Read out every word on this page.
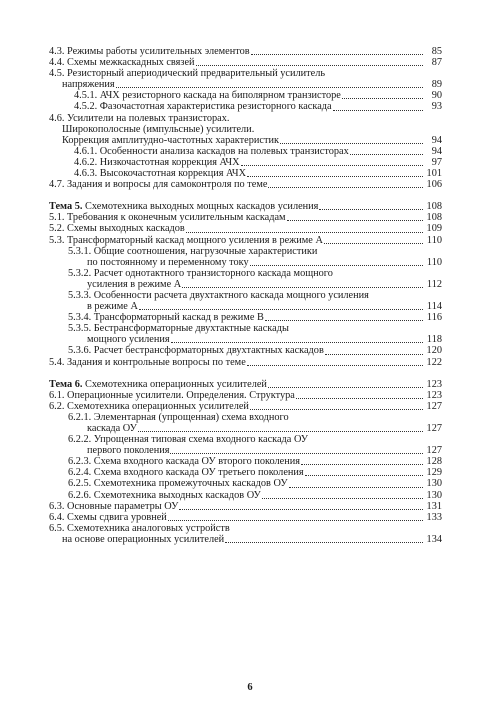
4.3. Режимы работы усилительных элементов	85
4.4. Схемы межкаскадных связей	87
4.5. Резисторный апериодический предварительный усилитель
напряжения	89
4.5.1. АЧХ резисторного каскада на биполярном транзисторе	90
4.5.2. Фазочастотная характеристика резисторного каскада	93
4.6. Усилители на полевых транзисторах.
Широкополосные (импульсные) усилители.
Коррекция амплитудно-частотных характеристик	94
4.6.1. Особенности анализа каскадов на полевых транзисторах	94
4.6.2. Низкочастотная коррекция АЧХ	97
4.6.3. Высокочастотная коррекция АЧХ	101
4.7. Задания и вопросы для самоконтроля по теме	106
Тема 5. Схемотехника выходных мощных каскадов усиления	108
5.1. Требования к оконечным усилительным каскадам	108
5.2. Схемы выходных каскадов	109
5.3. Трансформаторный каскад мощного усиления в режиме А	110
5.3.1. Общие соотношения, нагрузочные характеристики
по постоянному и переменному току	110
5.3.2. Расчет однотактного транзисторного каскада мощного
усиления в режиме А	112
5.3.3. Особенности расчета двухтактного каскада мощного усиления
в режиме А	114
5.3.4. Трансформаторный каскад в режиме В	116
5.3.5. Бестрансформаторные двухтактные каскады
мощного усиления	118
5.3.6. Расчет бестрансформаторных двухтактных каскадов	120
5.4. Задания и контрольные вопросы по теме	122
Тема 6. Схемотехника операционных усилителей	123
6.1. Операционные усилители. Определения. Структура	123
6.2. Схемотехника операционных усилителей	127
6.2.1. Элементарная (упрощенная) схема входного
каскада ОУ	127
6.2.2. Упрощенная типовая схема входного каскада ОУ
первого поколения	127
6.2.3. Схема входного каскада ОУ второго поколения	128
6.2.4. Схема входного каскада ОУ третьего поколения	129
6.2.5. Схемотехника промежуточных каскадов ОУ	130
6.2.6. Схемотехника выходных каскадов ОУ	130
6.3. Основные параметры ОУ	131
6.4. Схемы сдвига уровней	133
6.5. Схемотехника аналоговых устройств
на основе операционных усилителей	134
6
